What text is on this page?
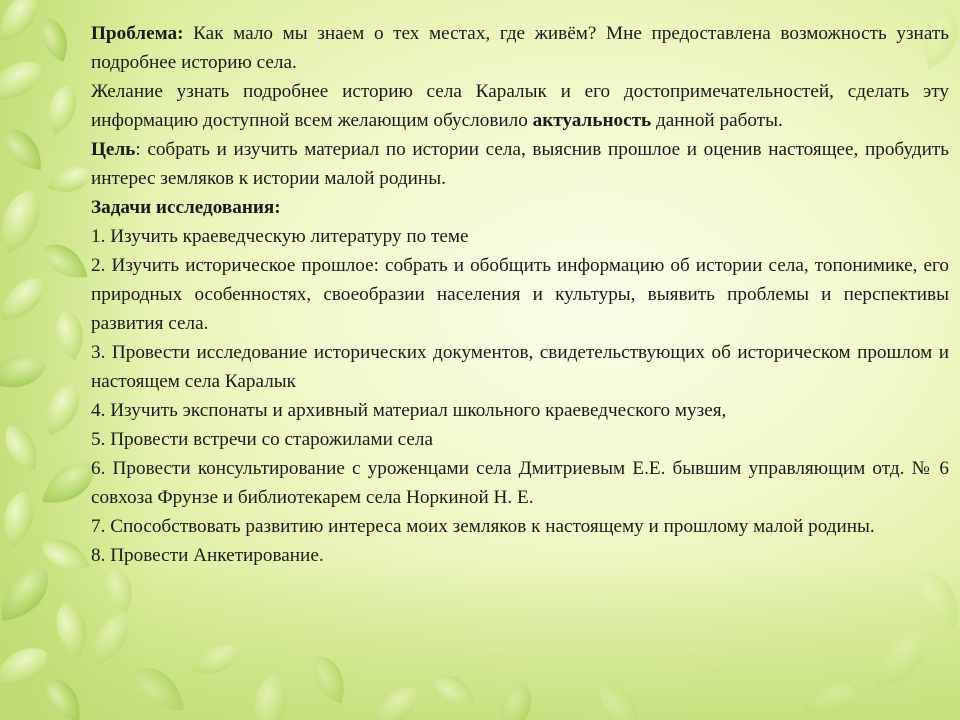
Проблема: Как мало мы знаем о тех местах, где живём? Мне предоставлена возможность узнать подробнее историю села.

Желание узнать подробнее историю села Каралык и его достопримечательностей, сделать эту информацию доступной всем желающим обусловило актуальность данной работы.

Цель: собрать и изучить материал по истории села, выяснив прошлое и оценив настоящее, пробудить интерес земляков к истории малой родины.

Задачи исследования:

1. Изучить краеведческую литературу по теме

2. Изучить историческое прошлое: собрать и обобщить информацию об истории села, топонимике, его природных особенностях, своеобразии населения и культуры, выявить проблемы и перспективы развития села.

3. Провести исследование исторических документов, свидетельствующих об историческом прошлом и настоящем села Каралык

4. Изучить экспонаты и архивный материал школьного краеведческого музея,

5. Провести встречи со старожилами села

6. Провести консультирование с уроженцами села Дмитриевым Е.Е. бывшим управляющим отд. № 6 совхоза Фрунзе и библиотекарем села Норкиной Н. Е.

7. Способствовать развитию интереса моих земляков к настоящему и прошлому малой родины.

8. Провести Анкетирование.
